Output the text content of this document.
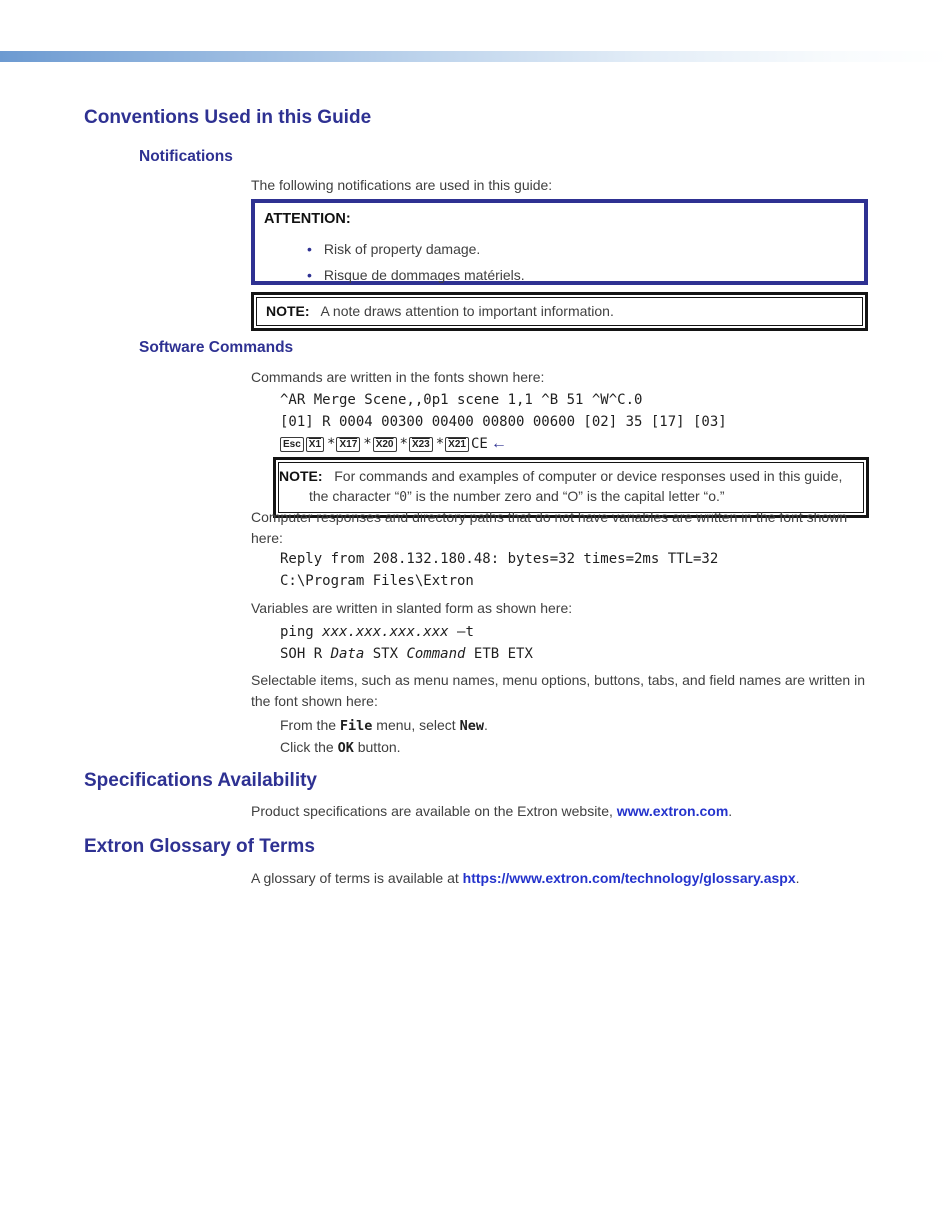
Conventions Used in this Guide
Notifications
The following notifications are used in this guide:
ATTENTION:
• Risk of property damage.
• Risque de dommages matériels.
NOTE: A note draws attention to important information.
Software Commands
Commands are written in the fonts shown here:
^AR Merge Scene,,0p1 scene 1,1 ^B 51 ^W^C.0
[01] R 0004 00300 00400 00800 00600 [02] 35 [17] [03]
Esc X1 * X17 * X20 * X23 * X21 CE ←
NOTE: For commands and examples of computer or device responses used in this guide, the character “0” is the number zero and “O” is the capital letter “o.”
Computer responses and directory paths that do not have variables are written in the font shown here:
Reply from 208.132.180.48: bytes=32 times=2ms TTL=32
C:\Program Files\Extron
Variables are written in slanted form as shown here:
ping xxx.xxx.xxx.xxx –t
SOH R Data STX Command ETB ETX
Selectable items, such as menu names, menu options, buttons, tabs, and field names are written in the font shown here:
From the File menu, select New.
Click the OK button.
Specifications Availability
Product specifications are available on the Extron website, www.extron.com.
Extron Glossary of Terms
A glossary of terms is available at https://www.extron.com/technology/glossary.aspx.
